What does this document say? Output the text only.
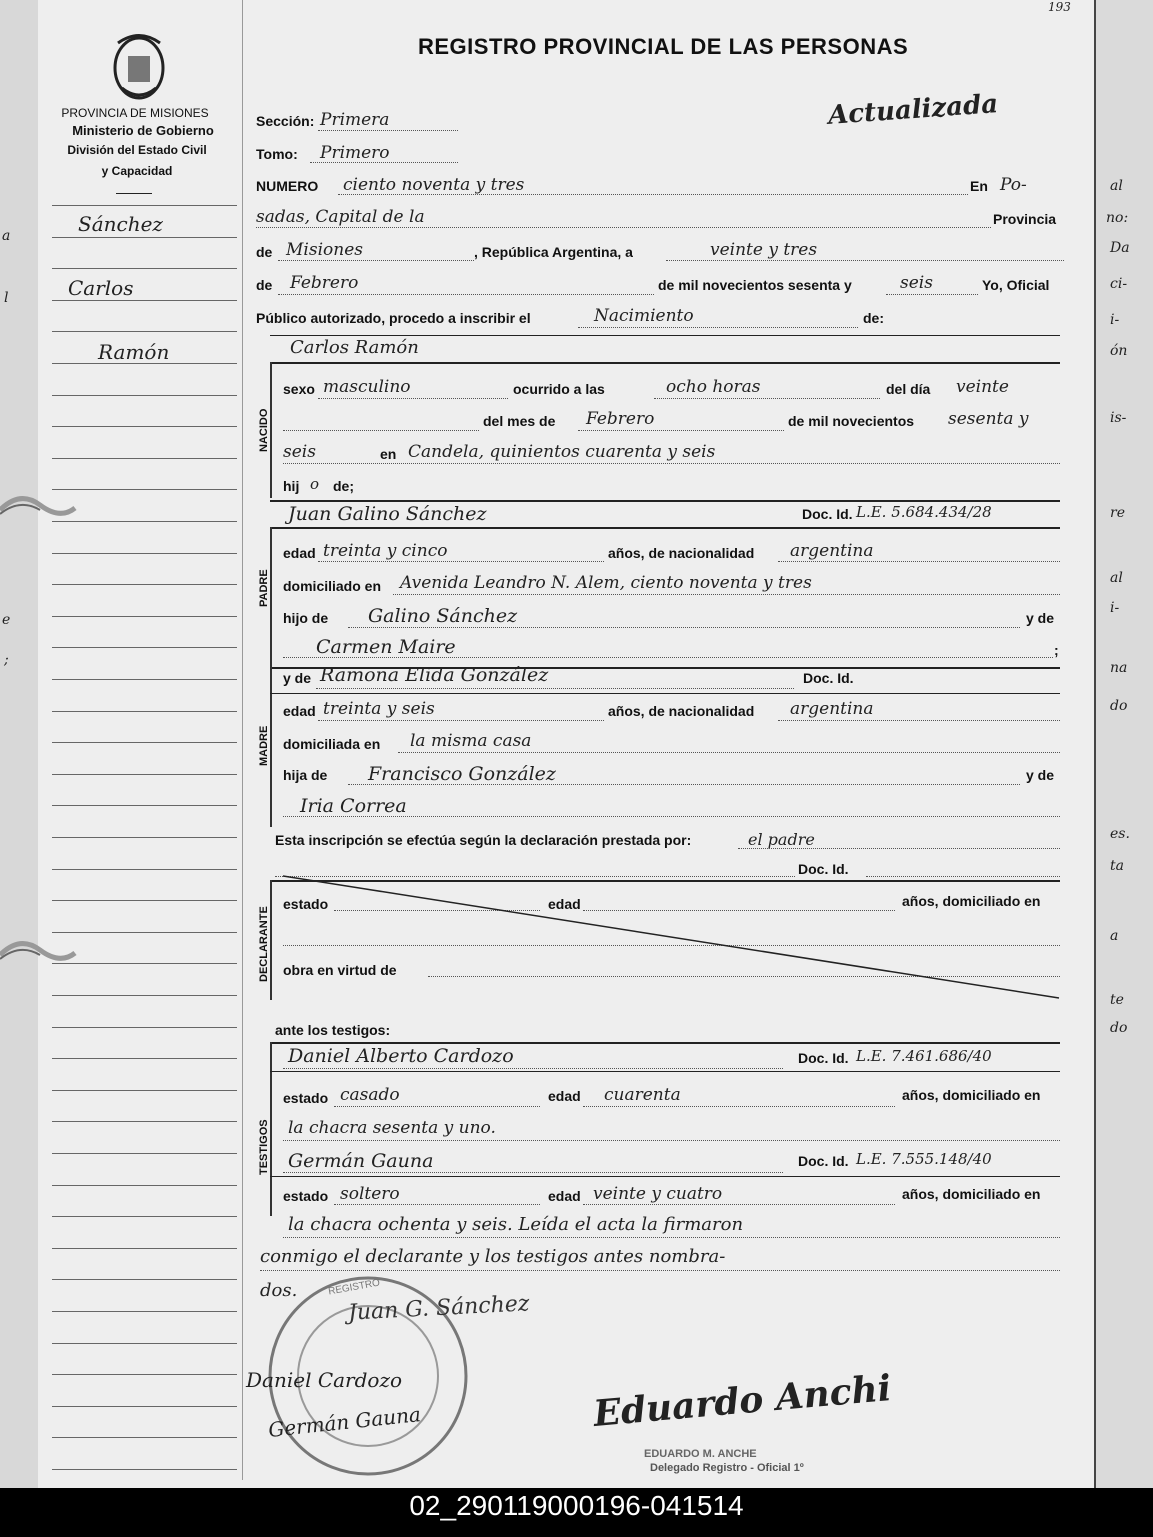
a
l
e
;
PROVINCIA DE MISIONES
Ministerio de Gobierno
División del Estado Civil
y Capacidad
Sánchez
Carlos
Ramón
REGISTRO PROVINCIAL DE LAS PERSONAS
Actualizada
193
Sección: Primera
Tomo: Primero
NUMERO ciento noventa y tres	En Po-
sadas, Capital de la	Provincia
de Misiones	, República Argentina, a	veinte y tres
de Febrero	de mil novecientos sesenta y	seis	Yo, Oficial
Público autorizado, procedo a inscribir el	Nacimiento	de:
Carlos Ramón
NACIDO
sexo masculino	ocurrido a las	ocho horas	del día veinte
del mes de Febrero	de mil novecientos sesenta y
seis	en Candela, quinientos cuarenta y seis
hij o de;
Juan Galino Sánchez	Doc. Id. L.E. 5.684.434/28
PADRE
edad treinta y cinco	años, de nacionalidad argentina
domiciliado en Avenida Leandro N. Alem, ciento noventa y tres
hijo de Galino Sánchez	y de
Carmen Maire	;
MADRE
y de Ramona Elida González	Doc. Id.
edad treinta y seis	años, de nacionalidad argentina
domiciliada en la misma casa
hija de Francisco González	y de
Iria Correa
Esta inscripción se efectúa según la declaración prestada por:	el padre
Doc. Id.
DECLARANTE
estado	edad	años, domiciliado en
obra en virtud de
ante los testigos:
TESTIGOS
Daniel Alberto Cardozo	Doc. Id. L.E. 7.461.686/40
estado casado	edad cuarenta	años, domiciliado en
la chacra sesenta y uno.
Germán Gauna	Doc. Id. L.E. 7.555.148/40
estado soltero	edad veinte y cuatro	años, domiciliado en
la chacra ochenta y seis. Leída el acta la firmaron
conmigo el declarante y los testigos antes nombra-
dos.	REGISTRO
Juan G. Sánchez
Daniel Cardozo
Germán Gauna	Eduardo Anchi
EDUARDO M. ANCHE
Delegado Registro - Oficial 1º
al
no:
Da
ci-
i-
ón
is-
re
al
i-
na
do
es.
ta
a
te
do
02_290119000196-041514
